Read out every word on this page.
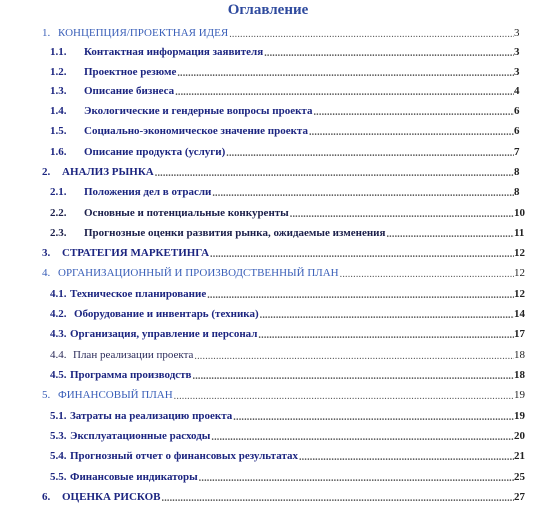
Оглавление
1. КОНЦЕПЦИЯ/ПРОЕКТНАЯ ИДЕЯ .....	3
1.1. Контактная информация заявителя .....	3
1.2. Проектное резюме .....	3
1.3. Описание бизнеса .....	4
1.4. Экологические и гендерные вопросы проекта .....	6
1.5. Социально-экономическое значение проекта .....	6
1.6. Описание продукта (услуги) .....	7
2. АНАЛИЗ РЫНКА .....	8
2.1. Положения дел в отрасли .....	8
2.2. Основные и потенциальные конкуренты .....	10
2.3. Прогнозные оценки развития рынка, ожидаемые изменения .....	11
3. СТРАТЕГИЯ МАРКЕТИНГА .....	12
4. ОРГАНИЗАЦИОННЫЙ И ПРОИЗВОДСТВЕННЫЙ ПЛАН .....	12
4.1. Техническое планирование .....	12
4.2. Оборудование и инвентарь (техника) .....	14
4.3. Организация, управление и персонал .....	17
4.4. План реализации проекта .....	18
4.5. Программа производств .....	18
5. ФИНАНСОВЫЙ ПЛАН .....	19
5.1. Затраты на реализацию проекта .....	19
5.3. Эксплуатационные расходы .....	20
5.4. Прогнозный отчет о финансовых результатах .....	21
5.5. Финансовые индикаторы .....	25
6. ОЦЕНКА РИСКОВ .....	27
